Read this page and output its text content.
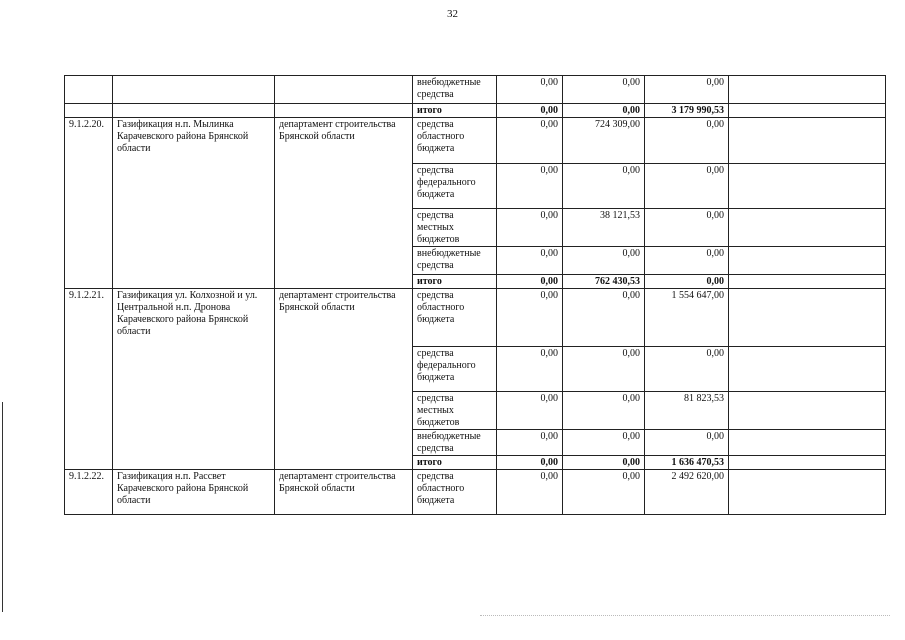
32
			внебюджетные средства	0,00	0,00	0,00	
			итого	0,00	0,00	3 179 990,53	
9.1.2.20.	Газификация н.п. Мылинка Карачевского района Брянской области	департамент строительства Брянской области	средства областного бюджета	0,00	724 309,00	0,00	
			средства федерального бюджета	0,00	0,00	0,00	
			средства местных бюджетов	0,00	38 121,53	0,00	
			внебюджетные средства	0,00	0,00	0,00	
			итого	0,00	762 430,53	0,00	
9.1.2.21.	Газификация ул. Колхозной и ул. Центральной н.п. Дронова Карачевского района Брянской области	департамент строительства Брянской области	средства областного бюджета	0,00	0,00	1 554 647,00	
			средства федерального бюджета	0,00	0,00	0,00	
			средства местных бюджетов	0,00	0,00	81 823,53	
			внебюджетные средства	0,00	0,00	0,00	
			итого	0,00	0,00	1 636 470,53	
9.1.2.22.	Газификация н.п. Рассвет Карачевского района Брянской области	департамент строительства Брянской области	средства областного бюджета	0,00	0,00	2 492 620,00	
